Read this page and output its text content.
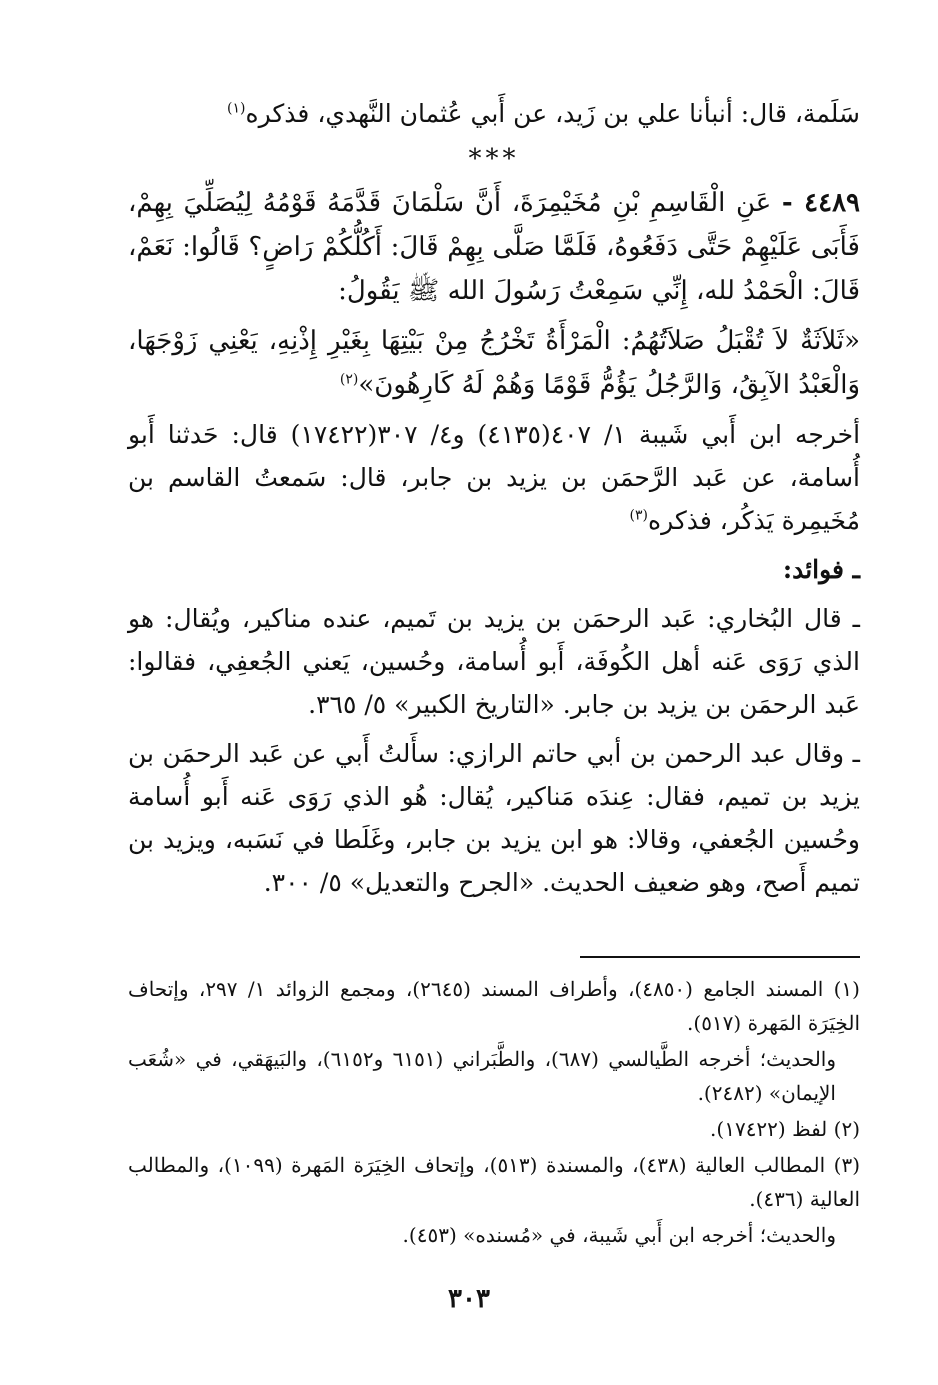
سَلَمة، قال: أنبأنا علي بن زَيد، عن أَبي عُثمان النَّهدي، فذكره$^{(١)}$

***

٤٤٨٩ - عَنِ الْقَاسِمِ بْنِ مُخَيْمِرَةَ، أَنَّ سَلْمَانَ قَدَّمَهُ قَوْمُهُ لِيُصَلِّيَ بِهِمْ، فَأَبَى عَلَيْهِمْ حَتَّى دَفَعُوهُ، فَلَمَّا صَلَّى بِهِمْ قَالَ: أَكُلُّكُمْ رَاضٍ؟ قَالُوا: نَعَمْ، قَالَ: الْحَمْدُ لله، إِنِّي سَمِعْتُ رَسُولَ الله ﷺ يَقُولُ:

«ثَلاَثَةٌ لاَ تُقْبَلُ صَلاَتُهُمُ: الْمَرْأَةُ تَخْرُجُ مِنْ بَيْتِهَا بِغَيْرِ إِذْنِهِ، يَعْنِي زَوْجَهَا، وَالْعَبْدُ الآبِقُ، وَالرَّجُلُ يَؤُمُّ قَوْمًا وَهُمْ لَهُ كَارِهُونَ»$^{(٢)}$

أخرجه ابن أَبي شَيبة ١/ ٤٠٧(٤١٣٥) و٤/ ٣٠٧(١٧٤٢٢) قال: حَدثنا أَبو أُسامة، عن عَبد الرَّحمَن بن يزيد بن جابر، قال: سَمعتُ القاسم بن مُخَيمِرة يَذكُر، فذكره$^{(٣)}$

ـ فوائد:

ـ قال البُخاري: عَبد الرحمَن بن يزيد بن تَميم، عنده مناكير، ويُقال: هو الذي رَوَى عَنه أهل الكُوفَة، أَبو أُسامة، وحُسين، يَعني الجُعفِي، فقالوا: عَبد الرحمَن بن يزيد بن جابر. «التاريخ الكبير» ٥/ ٣٦٥.

ـ وقال عبد الرحمن بن أبي حاتم الرازي: سأَلتُ أَبي عن عَبد الرحمَن بن يزيد بن تميم، فقال: عِندَه مَناكير، يُقال: هُو الذي رَوَى عَنه أَبو أُسامة وحُسين الجُعفي، وقالا: هو ابن يزيد بن جابر، وغَلَطا في نَسَبه، ويزيد بن تميم أَصح، وهو ضعيف الحديث. «الجرح والتعديل» ٥/ ٣٠٠.

(١) المسند الجامع (٤٨٥٠)، وأطراف المسند (٢٦٤٥)، ومجمع الزوائد ١/ ٢٩٧، وإتحاف الخِيَرَة المَهرة (٥١٧).

والحديث؛ أخرجه الطَّيالسي (٦٨٧)، والطَّبَراني (٦١٥١ و٦١٥٢)، والبَيهَقي، في «شُعَب الإيمان» (٢٤٨٢).

(٢) لفظ (١٧٤٢٢).

(٣) المطالب العالية (٤٣٨)، والمسندة (٥١٣)، وإتحاف الخِيَرَة المَهرة (١٠٩٩)، والمطالب العالية (٤٣٦).

والحديث؛ أخرجه ابن أَبي شَيبة، في «مُسنده» (٤٥٣).

٣٠٣
